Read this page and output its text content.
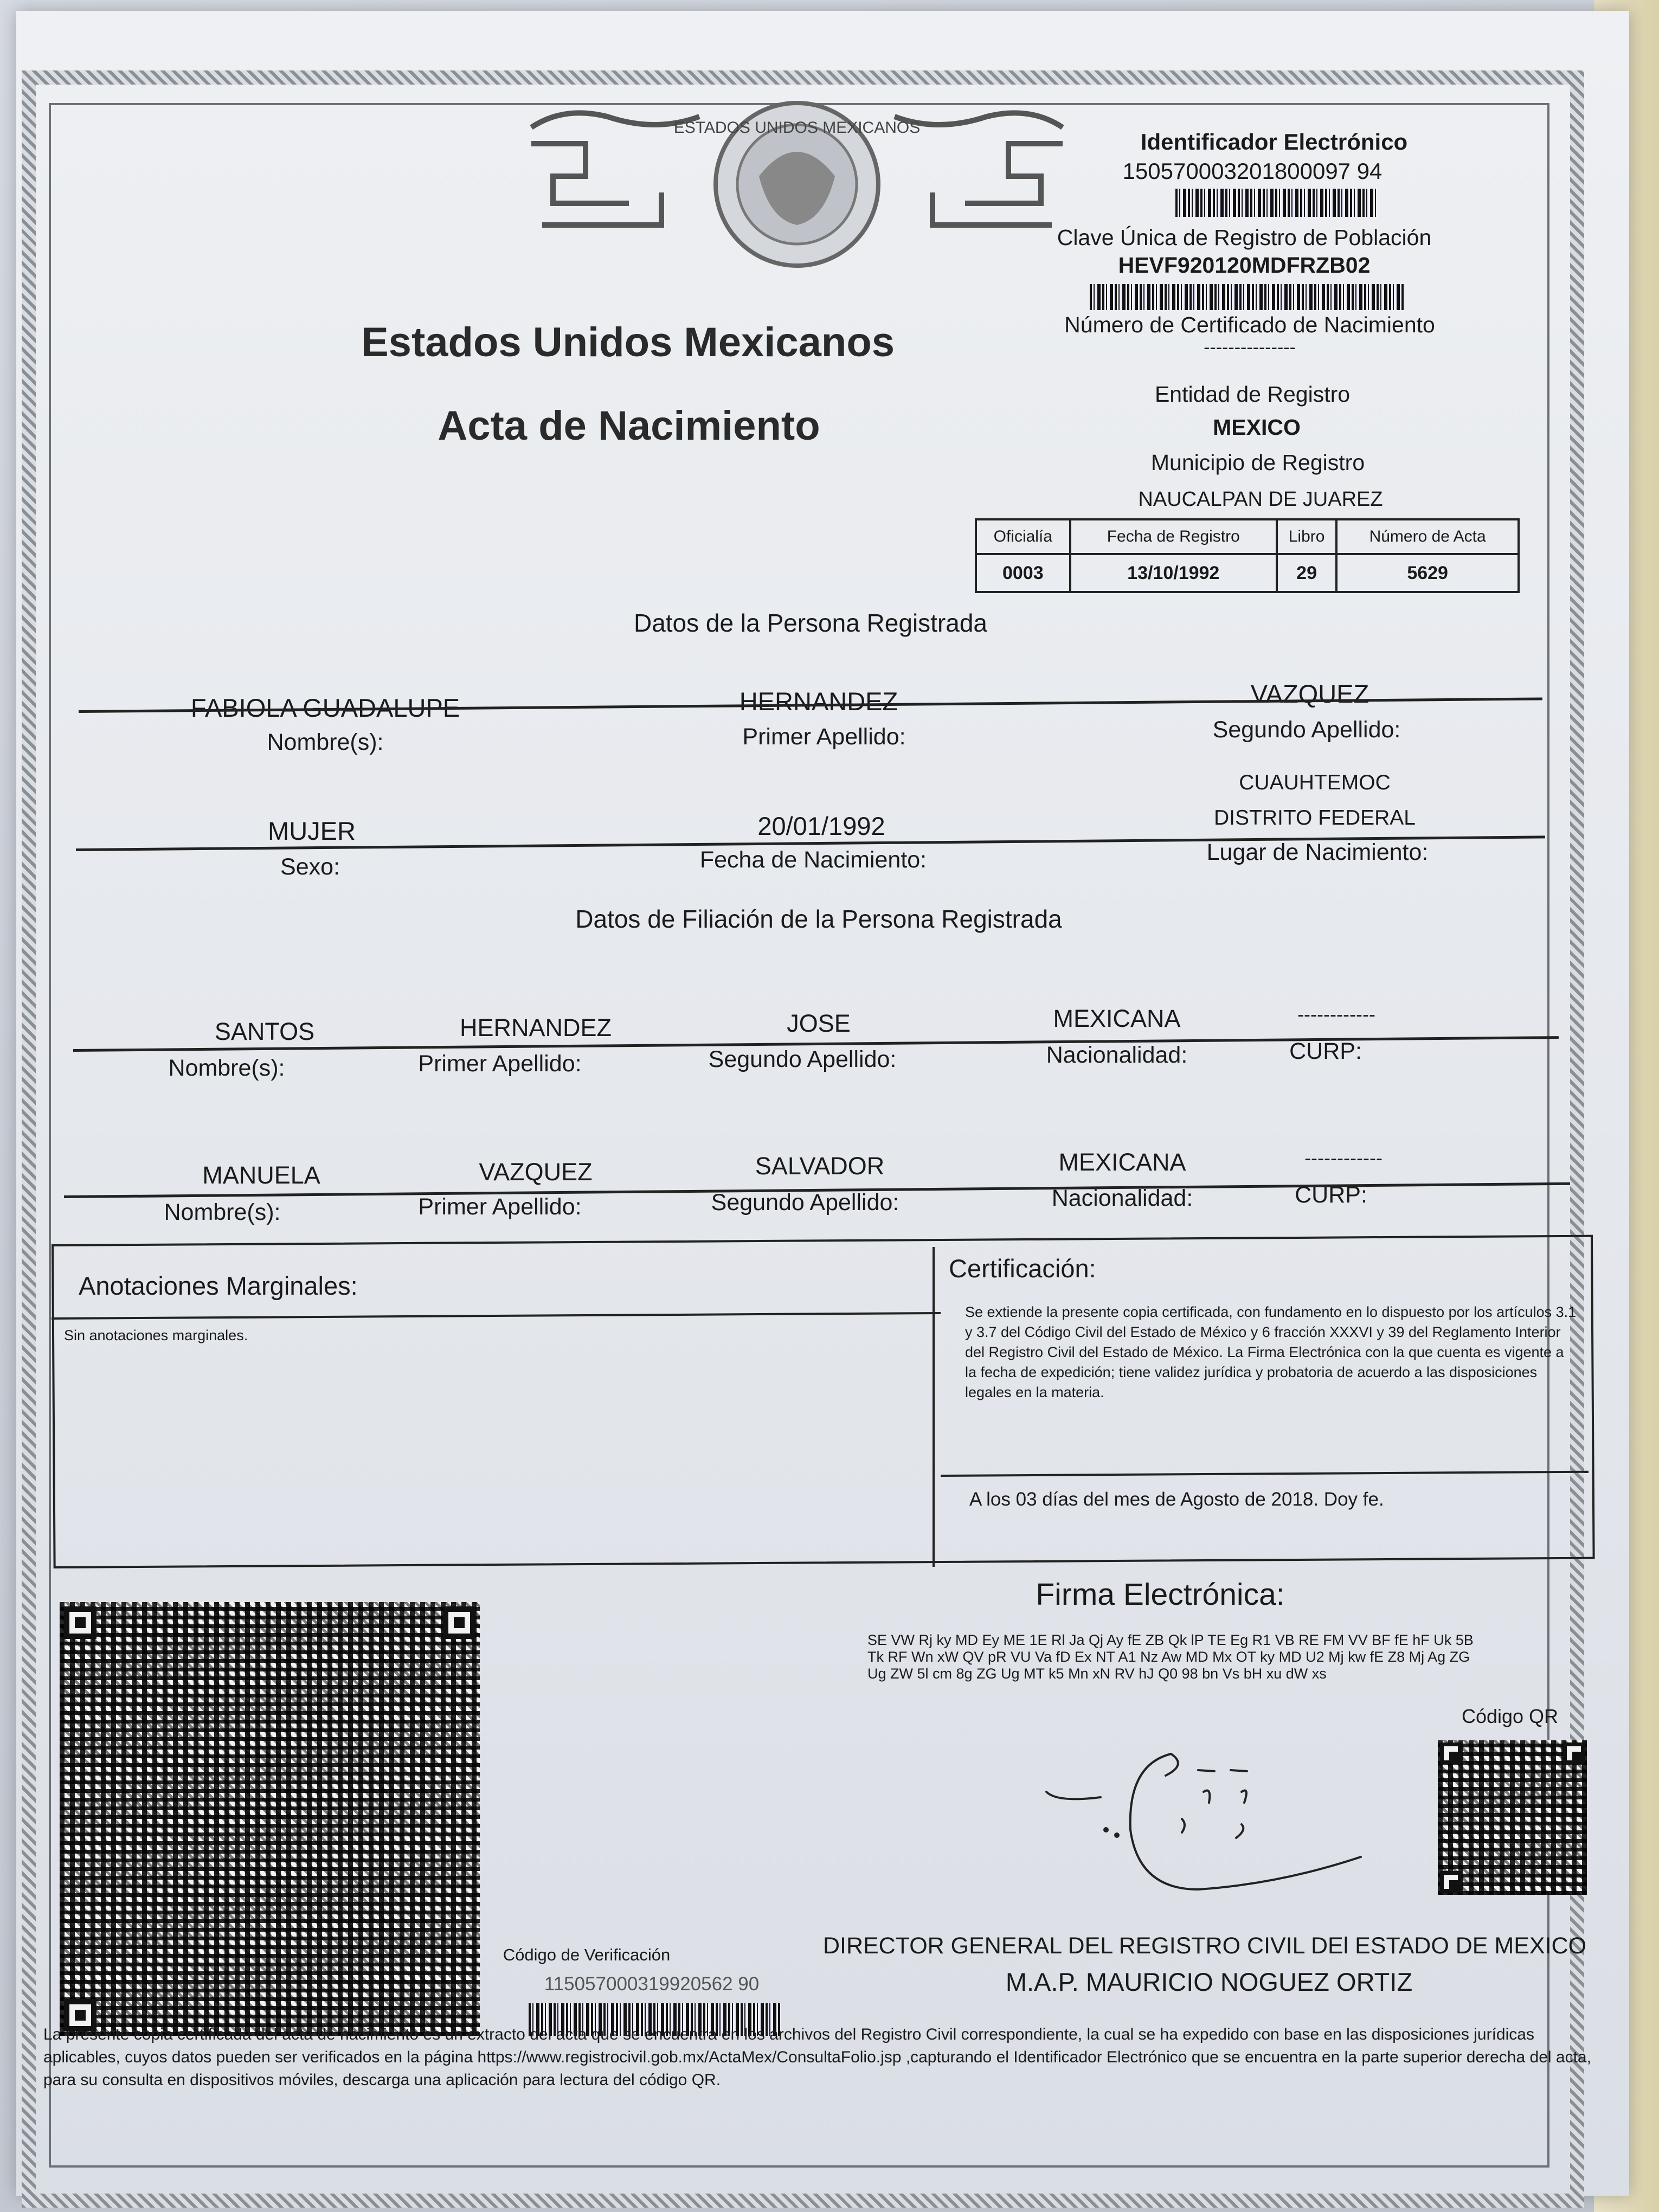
ESTADOS UNIDOS MEXICANOS
Identificador Electrónico
150570003201800097 94
Clave Única de Registro de Población
HEVF920120MDFRZB02
Número de Certificado de Nacimiento
---------------
Entidad de Registro
MEXICO
Municipio de Registro
NAUCALPAN DE JUAREZ
Estados Unidos Mexicanos
Acta de Nacimiento
Oficialía	Fecha de Registro	Libro	Número de Acta
0003	13/10/1992	29	5629
Datos de la Persona Registrada
FABIOLA GUADALUPE	HERNANDEZ	VAZQUEZ
Nombre(s):	Primer Apellido:	Segundo Apellido:
CUAUHTEMOC
MUJER	20/01/1992	DISTRITO FEDERAL
Sexo:	Fecha de Nacimiento:	Lugar de Nacimiento:
Datos de Filiación de la Persona Registrada
SANTOS	HERNANDEZ	JOSE	MEXICANA	------------
Nombre(s):	Primer Apellido:	Segundo Apellido:	Nacionalidad:	CURP:
MANUELA	VAZQUEZ	SALVADOR	MEXICANA	------------
Nombre(s):	Primer Apellido:	Segundo Apellido:	Nacionalidad:	CURP:
Anotaciones Marginales:
Sin anotaciones marginales.
Certificación:
Se extiende la presente copia certificada, con fundamento en lo dispuesto por los artículos 3.1 y 3.7 del Código Civil del Estado de México y 6 fracción XXXVI y 39 del Reglamento Interior del Registro Civil del Estado de México. La Firma Electrónica con la que cuenta es vigente a la fecha de expedición; tiene validez jurídica y probatoria de acuerdo a las disposiciones legales en la materia.
A los 03 días del mes de Agosto de 2018. Doy fe.
Firma Electrónica:
SE VW Rj ky MD Ey ME 1E Rl Ja Qj Ay fE ZB Qk lP TE Eg R1 VB RE FM VV BF fE hF Uk 5B Tk RF Wn xW QV pR VU Va fD Ex NT A1 Nz Aw MD Mx OT ky MD U2 Mj kw fE Z8 Mj Ag ZG Ug ZW 5l cm 8g ZG Ug MT k5 Mn xN RV hJ Q0 98 bn Vs bH xu dW xs
Código QR
Código de Verificación
115057000319920562 90
DIRECTOR GENERAL DEL REGISTRO CIVIL DEl ESTADO DE MEXICO
M.A.P. MAURICIO NOGUEZ ORTIZ
La presente copia certificada del acta de nacimiento es un extracto del acta que se encuentra en los archivos del Registro Civil correspondiente, la cual se ha expedido con base en las disposiciones jurídicas aplicables, cuyos datos pueden ser verificados en la página https://www.registrocivil.gob.mx/ActaMex/ConsultaFolio.jsp ,capturando el Identificador Electrónico que se encuentra en la parte superior derecha del acta, para su consulta en dispositivos móviles, descarga una aplicación para lectura del código QR.
